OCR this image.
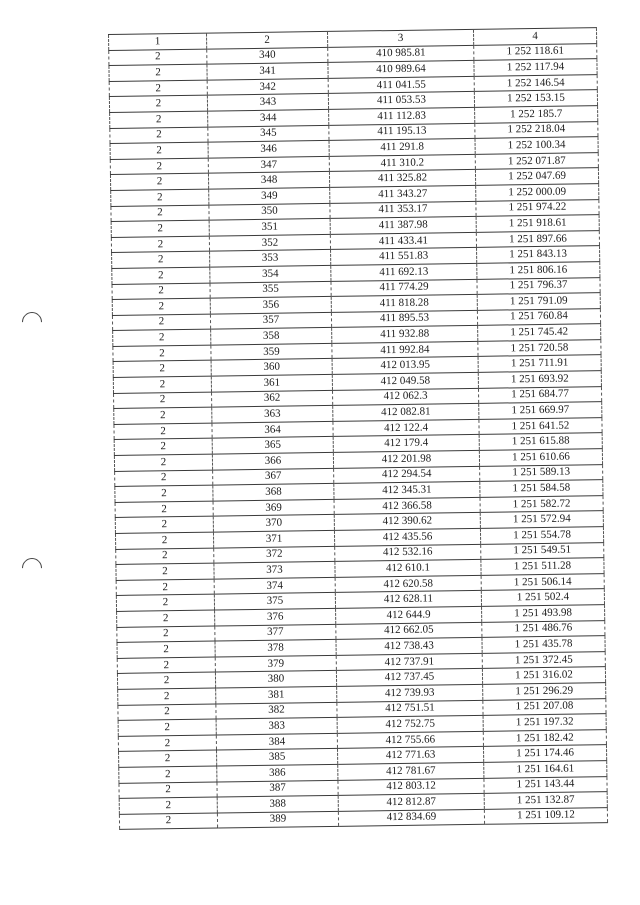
1	2	3	4
2	340	410 985.81	1 252 118.61
2	341	410 989.64	1 252 117.94
2	342	411 041.55	1 252 146.54
2	343	411 053.53	1 252 153.15
2	344	411 112.83	1 252 185.7
2	345	411 195.13	1 252 218.04
2	346	411 291.8	1 252 100.34
2	347	411 310.2	1 252 071.87
2	348	411 325.82	1 252 047.69
2	349	411 343.27	1 252 000.09
2	350	411 353.17	1 251 974.22
2	351	411 387.98	1 251 918.61
2	352	411 433.41	1 251 897.66
2	353	411 551.83	1 251 843.13
2	354	411 692.13	1 251 806.16
2	355	411 774.29	1 251 796.37
2	356	411 818.28	1 251 791.09
2	357	411 895.53	1 251 760.84
2	358	411 932.88	1 251 745.42
2	359	411 992.84	1 251 720.58
2	360	412 013.95	1 251 711.91
2	361	412 049.58	1 251 693.92
2	362	412 062.3	1 251 684.77
2	363	412 082.81	1 251 669.97
2	364	412 122.4	1 251 641.52
2	365	412 179.4	1 251 615.88
2	366	412 201.98	1 251 610.66
2	367	412 294.54	1 251 589.13
2	368	412 345.31	1 251 584.58
2	369	412 366.58	1 251 582.72
2	370	412 390.62	1 251 572.94
2	371	412 435.56	1 251 554.78
2	372	412 532.16	1 251 549.51
2	373	412 610.1	1 251 511.28
2	374	412 620.58	1 251 506.14
2	375	412 628.11	1 251 502.4
2	376	412 644.9	1 251 493.98
2	377	412 662.05	1 251 486.76
2	378	412 738.43	1 251 435.78
2	379	412 737.91	1 251 372.45
2	380	412 737.45	1 251 316.02
2	381	412 739.93	1 251 296.29
2	382	412 751.51	1 251 207.08
2	383	412 752.75	1 251 197.32
2	384	412 755.66	1 251 182.42
2	385	412 771.63	1 251 174.46
2	386	412 781.67	1 251 164.61
2	387	412 803.12	1 251 143.44
2	388	412 812.87	1 251 132.87
2	389	412 834.69	1 251 109.12
